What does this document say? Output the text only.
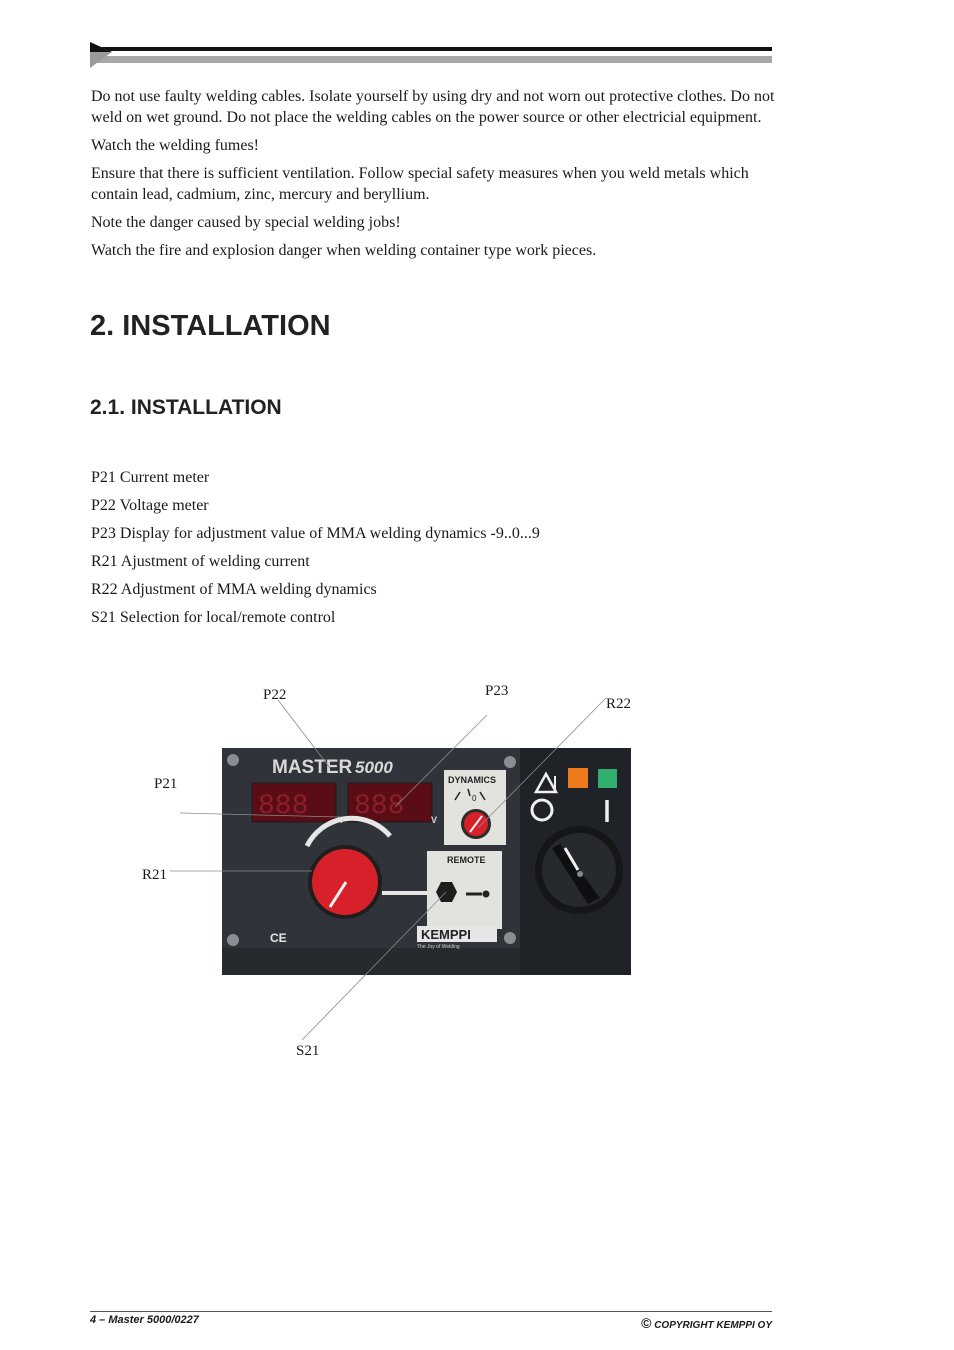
Do not use faulty welding cables. Isolate yourself by using dry and not worn out protective clothes. Do not weld on wet ground. Do not place the welding cables on the power source or other electricial equipment.

Watch the welding fumes!

Ensure that there is sufficient ventilation. Follow special safety measures when you weld metals which contain lead, cadmium, zinc, mercury and beryllium.

Note the danger caused by special welding jobs!

Watch the fire and explosion danger when welding container type work pieces.

2. INSTALLATION
2.1. INSTALLATION
P21 Current meter
P22 Voltage meter
P23 Display for adjustment value of MMA welding dynamics -9..0...9
R21 Ajustment of welding current
R22 Adjustment of MMA welding dynamics
S21 Selection for local/remote control
P22	P23
R22
P21
R21
S21
MASTER 5000
888	A 888	V
DYNAMICS
0
REMOTE
CE	KEMPPI
The Joy of Welding
4 – Master 5000/0227	© COPYRIGHT KEMPPI OY
